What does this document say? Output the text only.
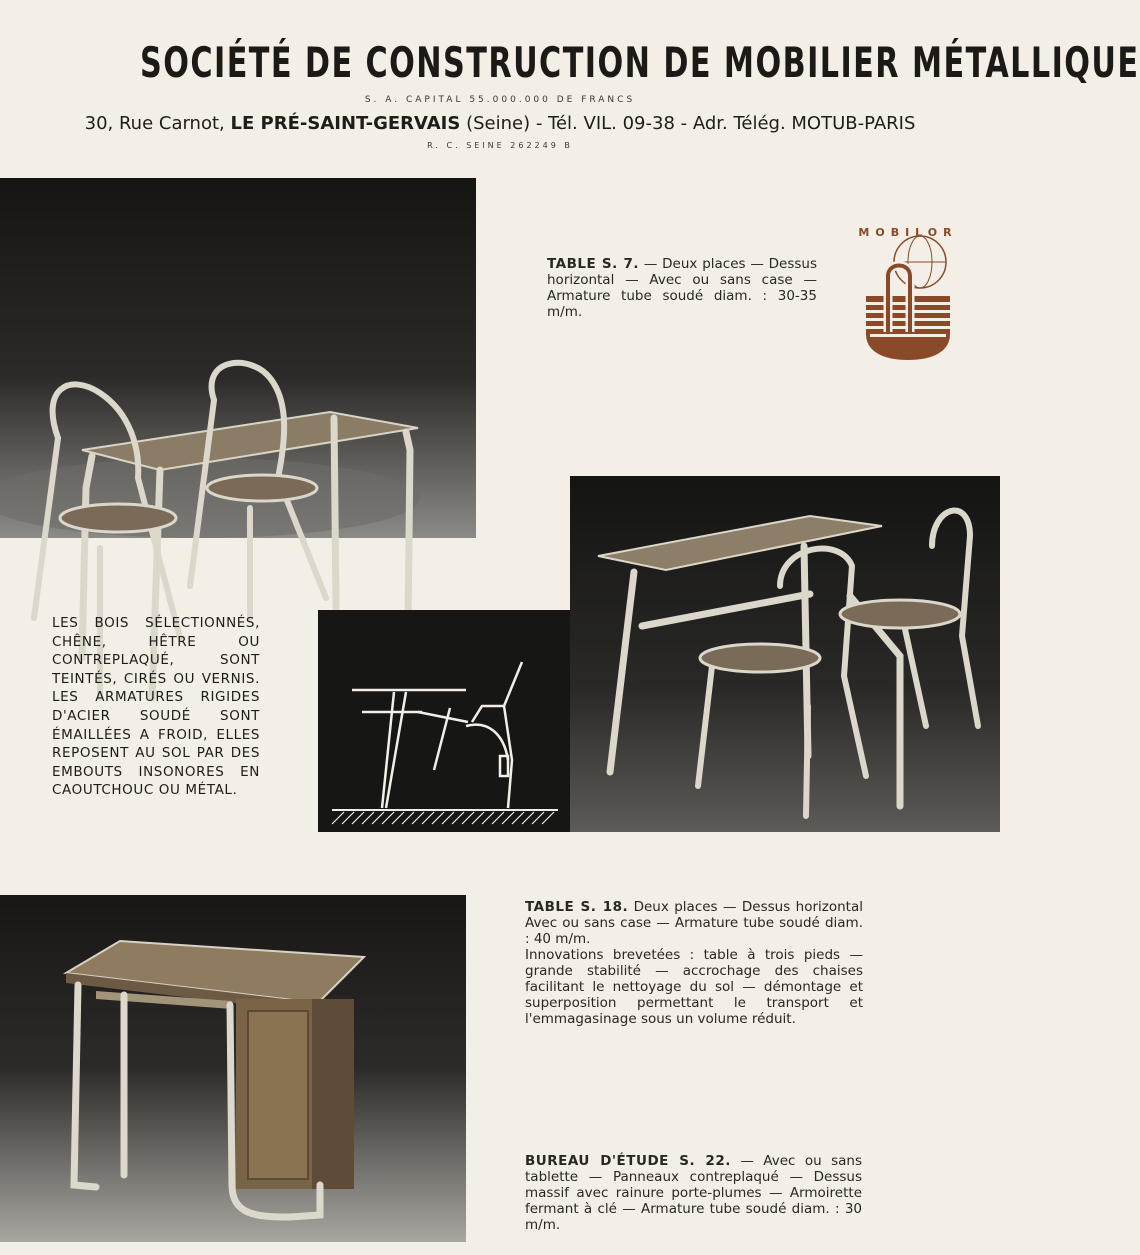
SOCIÉTÉ DE CONSTRUCTION DE MOBILIER MÉTALLIQUE
S. A. CAPITAL 55.000.000 DE FRANCS
30, Rue Carnot, LE PRÉ-SAINT-GERVAIS (Seine) - Tél. VIL. 09-38 - Adr. Télég. MOTUB-PARIS
R. C. SEINE 262249 B
TABLE S. 7. — Deux places — Dessus horizontal — Avec ou sans case — Armature tube soudé diam. : 30-35 m/m.
MOBILOR
LES BOIS SÉLECTIONNÉS, CHÊNE, HÊTRE OU CONTREPLAQUÉ, SONT TEINTÉS, CIRÉS OU VERNIS. LES ARMATURES RIGIDES D'ACIER SOUDÉ SONT ÉMAILLÉES A FROID, ELLES REPOSENT AU SOL PAR DES EMBOUTS INSONORES EN CAOUTCHOUC OU MÉTAL.
TABLE S. 18. Deux places — Dessus horizontal Avec ou sans case — Armature tube soudé diam. : 40 m/m.
Innovations brevetées : table à trois pieds — grande stabilité — accrochage des chaises facilitant le nettoyage du sol — démontage et superposition permettant le transport et l'emmagasinage sous un volume réduit.
BUREAU D'ÉTUDE S. 22. — Avec ou sans tablette — Panneaux contreplaqué — Dessus massif avec rainure porte-plumes — Armoirette fermant à clé — Armature tube soudé diam. : 30 m/m.
